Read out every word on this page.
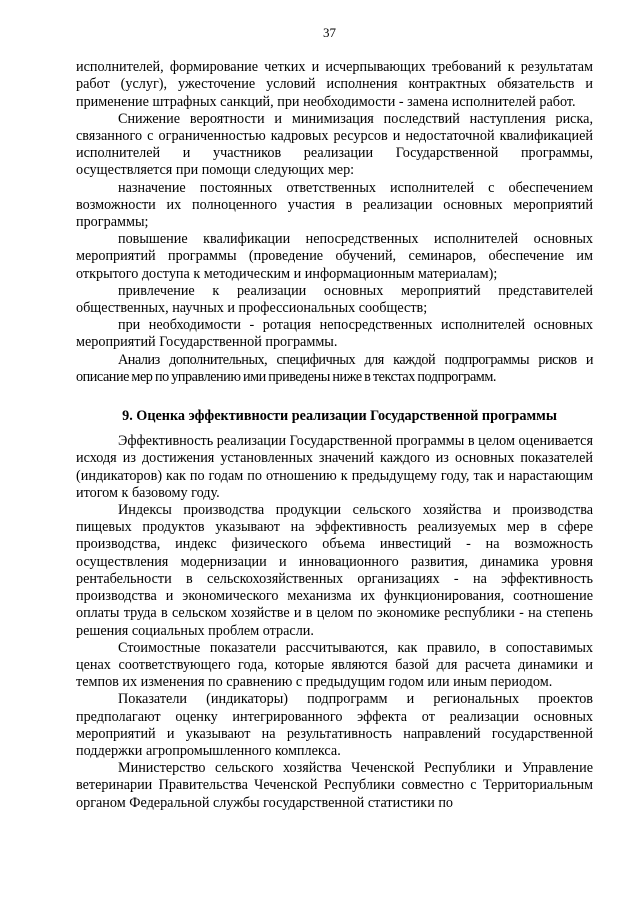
37

исполнителей, формирование четких и исчерпывающих требований к результатам работ (услуг), ужесточение условий исполнения контрактных обязательств и применение штрафных санкций, при необходимости - замена исполнителей работ.

Снижение вероятности и минимизация последствий наступления риска, связанного с ограниченностью кадровых ресурсов и недостаточной квалификацией исполнителей и участников реализации Государственной программы, осуществляется при помощи следующих мер:

назначение постоянных ответственных исполнителей с обеспечением возможности их полноценного участия в реализации основных мероприятий программы;

повышение квалификации непосредственных исполнителей основных мероприятий программы (проведение обучений, семинаров, обеспечение им открытого доступа к методическим и информационным материалам);

привлечение к реализации основных мероприятий представителей общественных, научных и профессиональных сообществ;

при необходимости - ротация непосредственных исполнителей основных мероприятий Государственной программы.

Анализ дополнительных, специфичных для каждой подпрограммы рисков и описание мер по управлению ими приведены ниже в текстах подпрограмм.

9. Оценка эффективности реализации Государственной программы

Эффективность реализации Государственной программы в целом оценивается исходя из достижения установленных значений каждого из основных показателей (индикаторов) как по годам по отношению к предыдущему году, так и нарастающим итогом к базовому году.

Индексы производства продукции сельского хозяйства и производства пищевых продуктов указывают на эффективность реализуемых мер в сфере производства, индекс физического объема инвестиций - на возможность осуществления модернизации и инновационного развития, динамика уровня рентабельности в сельскохозяйственных организациях - на эффективность производства и экономического механизма их функционирования, соотношение оплаты труда в сельском хозяйстве и в целом по экономике республики - на степень решения социальных проблем отрасли.

Стоимостные показатели рассчитываются, как правило, в сопоставимых ценах соответствующего года, которые являются базой для расчета динамики и темпов их изменения по сравнению с предыдущим годом или иным периодом.

Показатели (индикаторы) подпрограмм и региональных проектов предполагают оценку интегрированного эффекта от реализации основных мероприятий и указывают на результативность направлений государственной поддержки агропромышленного комплекса.

Министерство сельского хозяйства Чеченской Республики и Управление ветеринарии Правительства Чеченской Республики совместно с Территориальным органом Федеральной службы государственной статистики по
